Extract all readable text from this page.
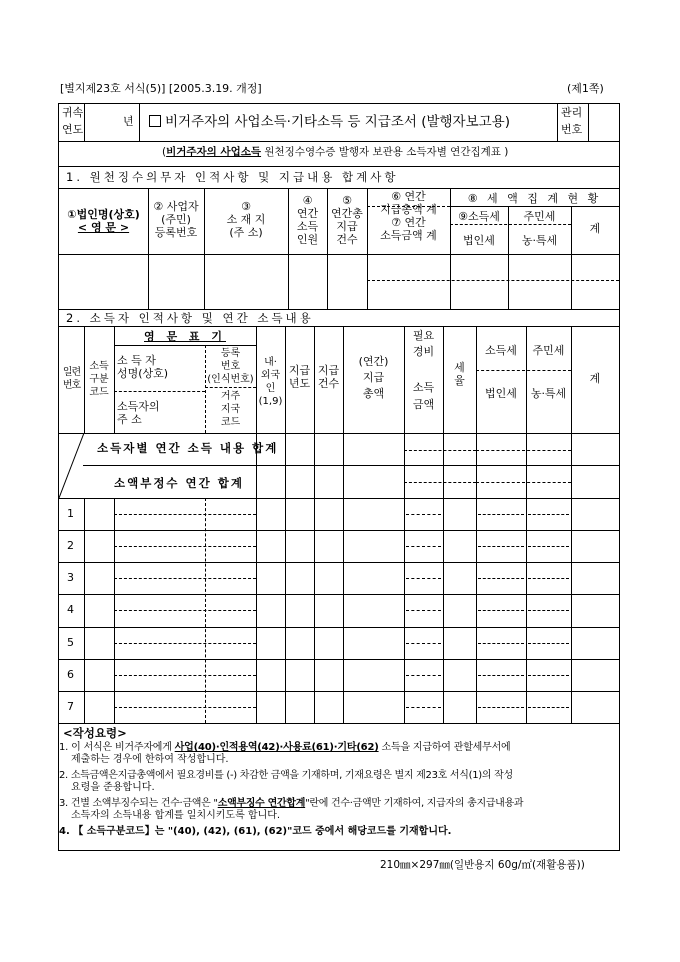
[별지제23호 서식(5)] [2005.3.19. 개정]	(제1쪽)
귀속
연도
년	비거주자의 사업소득·기타소득 등 지급조서 (발행자보고용)
관리
번호
(비거주자의 사업소득 원천징수영수증 발행자 보관용 소득자별 연간집계표 )
1. 원천징수의무자 인적사항 및 지급내용 합계사항
①법인명(상호)
< 영 문 >
② 사업자
(주민)
등록번호
③
소 재 지
(주 소)
④
연간
소득
인원
⑤
연간총
지급
건수
⑥ 연간
지급총액 계
⑦ 연간
소득금액 계
⑧ 세 액 집 계 현 황
⑨소득세
법인세
주민세
농·특세
계
2. 소득자 인적사항 및 연간 소득내용
일련
번호
소득
구분
코드
영 문 표 기
소 득 자
성명(상호)
소득자의
주 소
등록
번호
(인식번호)
거주
지국
코드
내·
외국
인
(1,9)
지급
년도
지급
건수
(연간)
지급
총액
필요
경비
소득
금액
세
율
소득세
법인세
주민세
농·특세
계
소득자별 연간 소득 내용 합계
소액부정수 연간 합계
1
2
3
4
5
6
7
<작성요령>
1. 이 서식은 비거주자에게 사업(40)·인적용역(42)·사용료(61)·기타(62) 소득을 지급하여 관할세무서에
제출하는 경우에 한하여 작성합니다.
2. 소득금액은지급총액에서 필요경비를 (-) 차감한 금액을 기재하며, 기재요령은 별지 제23호 서식(1)의 작성
요령을 준용합니다.
3. 건별 소액부징수되는 건수·금액은 "소액부징수 연간합계"란에 건수·금액만 기재하여, 지급자의 총지급내용과
소득자의 소득내용 합계를 일치시키도록 합니다.
4. 【 소득구분코드】는 "(40), (42), (61), (62)"코드 중에서 해당코드를 기재합니다.
210㎜×297㎜(일반용지 60g/㎡(재활용품))
